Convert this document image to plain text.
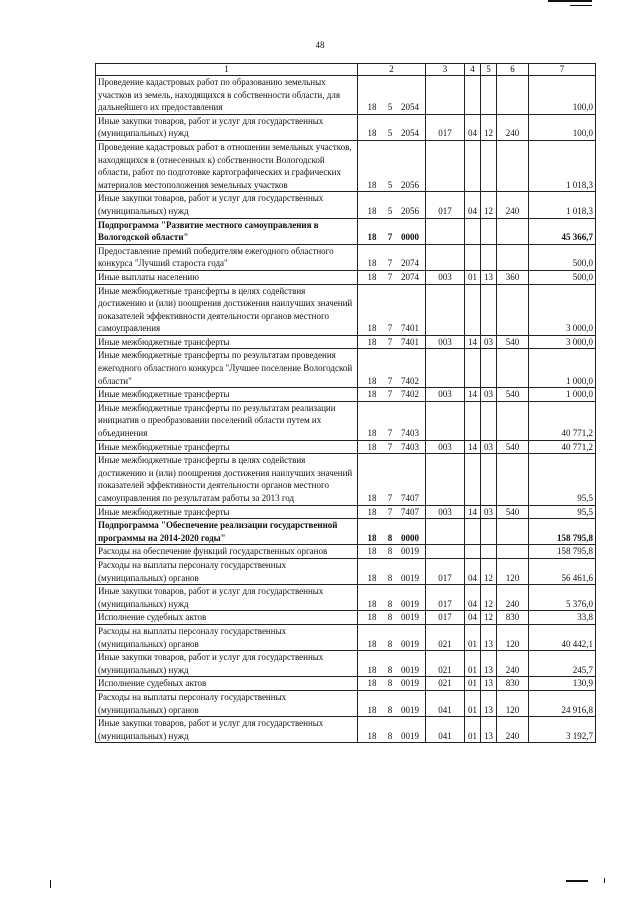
48
1	2	3	4	5	6	7
Проведение кадастровых работ по образованию земельных участков из земель, находящихся в собственности области, для дальнейшего их предоставления	18 5 2054					100,0
Иные закупки товаров, работ и услуг для государственных (муниципальных) нужд	18 5 2054	017	04	12	240	100,0
Проведение кадастровых работ в отношении земельных участков, находящихся в (отнесенных к) собственности Вологодской области, работ по подготовке картографических и графических материалов местоположения земельных участков	18 5 2056					1 018,3
Иные закупки товаров, работ и услуг для государственных (муниципальных) нужд	18 5 2056	017	04	12	240	1 018,3
Подпрограмма "Развитие местного самоуправления в Вологодской области"	18 7 0000					45 366,7
Предоставление премий победителям ежегодного областного конкурса "Лучший староста года"	18 7 2074					500,0
Иные выплаты населению	18 7 2074	003	01	13	360	500,0
Иные межбюджетные трансферты в целях содействия достижению и (или) поощрения достижения наилучших значений показателей эффективности деятельности органов местного самоуправления	18 7 7401					3 000,0
Иные межбюджетные трансферты	18 7 7401	003	14	03	540	3 000,0
Иные межбюджетные трансферты по результатам проведения ежегодного областного конкурса "Лучшее поселение Вологодской области"	18 7 7402					1 000,0
Иные межбюджетные трансферты	18 7 7402	003	14	03	540	1 000,0
Иные межбюджетные трансферты по результатам реализации инициатив о преобразовании поселений области путем их объединения	18 7 7403					40 771,2
Иные межбюджетные трансферты	18 7 7403	003	14	03	540	40 771,2
Иные межбюджетные трансферты в целях содействия достижению и (или) поощрения достижения наилучших значений показателей эффективности деятельности органов местного самоуправления по результатам работы за 2013 год	18 7 7407					95,5
Иные межбюджетные трансферты	18 7 7407	003	14	03	540	95,5
Подпрограмма "Обеспечение реализации государственной программы на 2014-2020 годы"	18 8 0000					158 795,8
Расходы на обеспечение функций государственных органов	18 8 0019					158 795,8
Расходы на выплаты персоналу государственных (муниципальных) органов	18 8 0019	017	04	12	120	56 461,6
Иные закупки товаров, работ и услуг для государственных (муниципальных) нужд	18 8 0019	017	04	12	240	5 376,0
Исполнение судебных актов	18 8 0019	017	04	12	830	33,8
Расходы на выплаты персоналу государственных (муниципальных) органов	18 8 0019	021	01	13	120	40 442,1
Иные закупки товаров, работ и услуг для государственных (муниципальных) нужд	18 8 0019	021	01	13	240	245,7
Исполнение судебных актов	18 8 0019	021	01	13	830	130,9
Расходы на выплаты персоналу государственных (муниципальных) органов	18 8 0019	041	01	13	120	24 916,8
Иные закупки товаров, работ и услуг для государственных (муниципальных) нужд	18 8 0019	041	01	13	240	3 192,7
